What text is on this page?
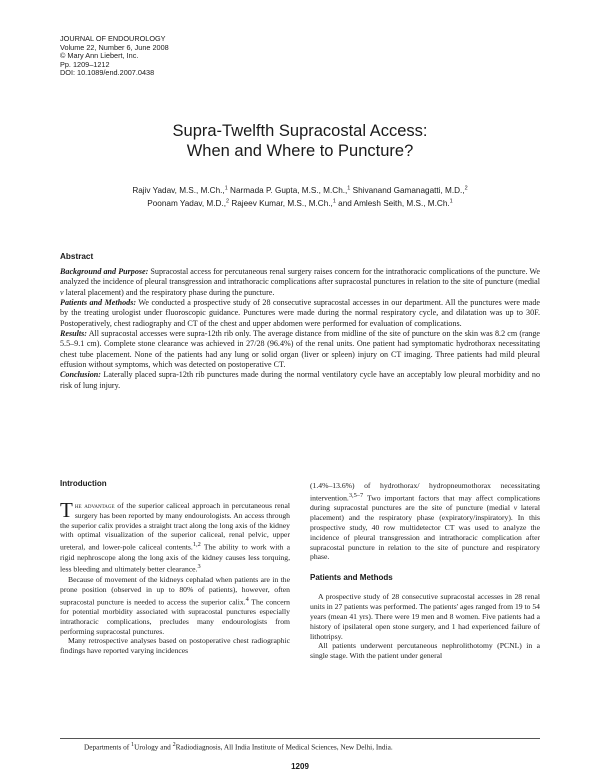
JOURNAL OF ENDOUROLOGY
Volume 22, Number 6, June 2008
© Mary Ann Liebert, Inc.
Pp. 1209–1212
DOI: 10.1089/end.2007.0438
Supra-Twelfth Supracostal Access:
When and Where to Puncture?
Rajiv Yadav, M.S., M.Ch.,$^1$ Narmada P. Gupta, M.S., M.Ch.,$^1$ Shivanand Gamanagatti, M.D.,$^2$
Poonam Yadav, M.D.,$^2$ Rajeev Kumar, M.S., M.Ch.,$^1$ and Amlesh Seith, M.S., M.Ch.$^1$
Abstract

Background and Purpose: Supracostal access for percutaneous renal surgery raises concern for the intrathoracic complications of the puncture. We analyzed the incidence of pleural transgression and intrathoracic complications after supracostal punctures in relation to the site of puncture (medial v lateral placement) and the respiratory phase during the puncture.

Patients and Methods: We conducted a prospective study of 28 consecutive supracostal accesses in our department. All the punctures were made by the treating urologist under fluoroscopic guidance. Punctures were made during the normal respiratory cycle, and dilatation was up to 30F. Postoperatively, chest radiography and CT of the chest and upper abdomen were performed for evaluation of complications.

Results: All supracostal accesses were supra-12th rib only. The average distance from midline of the site of puncture on the skin was 8.2 cm (range 5.5–9.1 cm). Complete stone clearance was achieved in 27/28 (96.4%) of the renal units. One patient had symptomatic hydrothorax necessitating chest tube placement. None of the patients had any lung or solid organ (liver or spleen) injury on CT imaging. Three patients had mild pleural effusion without symptoms, which was detected on postoperative CT.

Conclusion: Laterally placed supra-12th rib punctures made during the normal ventilatory cycle have an acceptably low pleural morbidity and no risk of lung injury.

Introduction

The advantage of the superior caliceal approach in percutaneous renal surgery has been reported by many endourologists. An access through the superior calix provides a straight tract along the long axis of the kidney with optimal visualization of the superior caliceal, renal pelvic, upper ureteral, and lower-pole caliceal contents.$^{1,2}$ The ability to work with a rigid nephroscope along the long axis of the kidney causes less torquing, less bleeding and ultimately better clearance.$^3$

Because of movement of the kidneys cephalad when patients are in the prone position (observed in up to 80% of patients), however, often supracostal puncture is needed to access the superior calix.$^4$ The concern for potential morbidity associated with supracostal punctures especially intrathoracic complications, precludes many endourologists from performing supracostal punctures.

Many retrospective analyses based on postoperative chest radiographic findings have reported varying incidences

(1.4%–13.6%) of hydrothorax/ hydropneumothorax necessitating intervention.$^{3,5-7}$ Two important factors that may affect complications during supracostal punctures are the site of puncture (medial v lateral placement) and the respiratory phase (expiratory/inspiratory). In this prospective study, 40 row multidetector CT was used to analyze the incidence of pleural transgression and intrathoracic complication after supracostal puncture in relation to the site of puncture and respiratory phase.

Patients and Methods

A prospective study of 28 consecutive supracostal accesses in 28 renal units in 27 patients was performed. The patients' ages ranged from 19 to 54 years (mean 41 yrs). There were 19 men and 8 women. Five patients had a history of ipsilateral open stone surgery, and 1 had experienced failure of lithotripsy.

All patients underwent percutaneous nephrolithotomy (PCNL) in a single stage. With the patient under general

Departments of $^1$Urology and $^2$Radiodiagnosis, All India Institute of Medical Sciences, New Delhi, India.
1209
